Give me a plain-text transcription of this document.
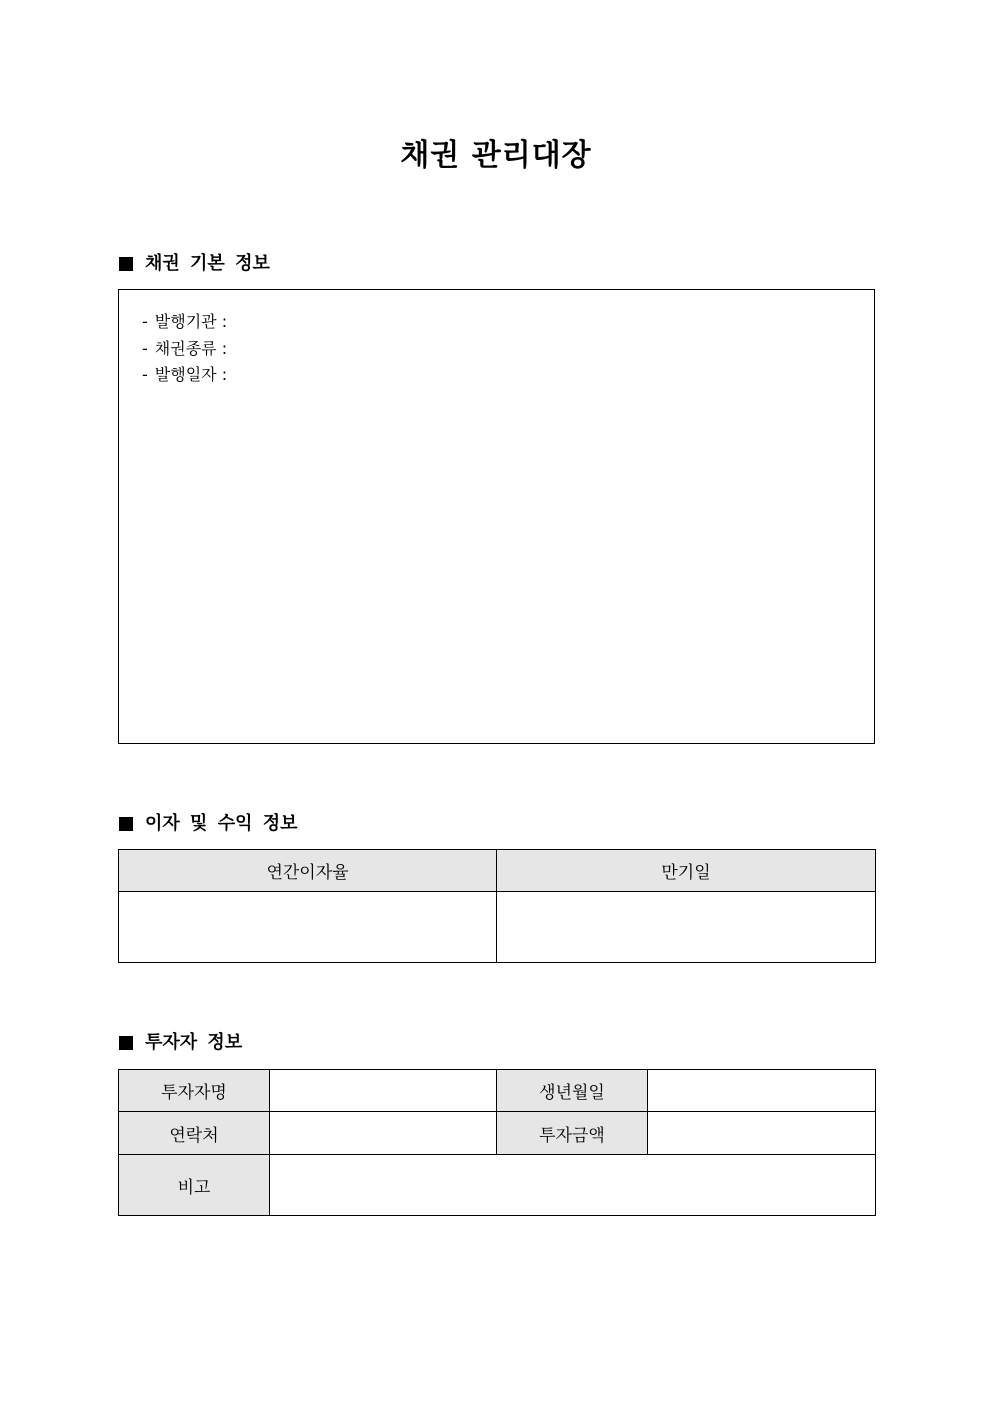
채권 관리대장
채권 기본 정보
- 발행기관 :
- 채권종류 :
- 발행일자 :
이자 및 수익 정보
연간이자율	만기일

투자자 정보
투자자명		생년월일	
연락처		투자금액	
비고			
